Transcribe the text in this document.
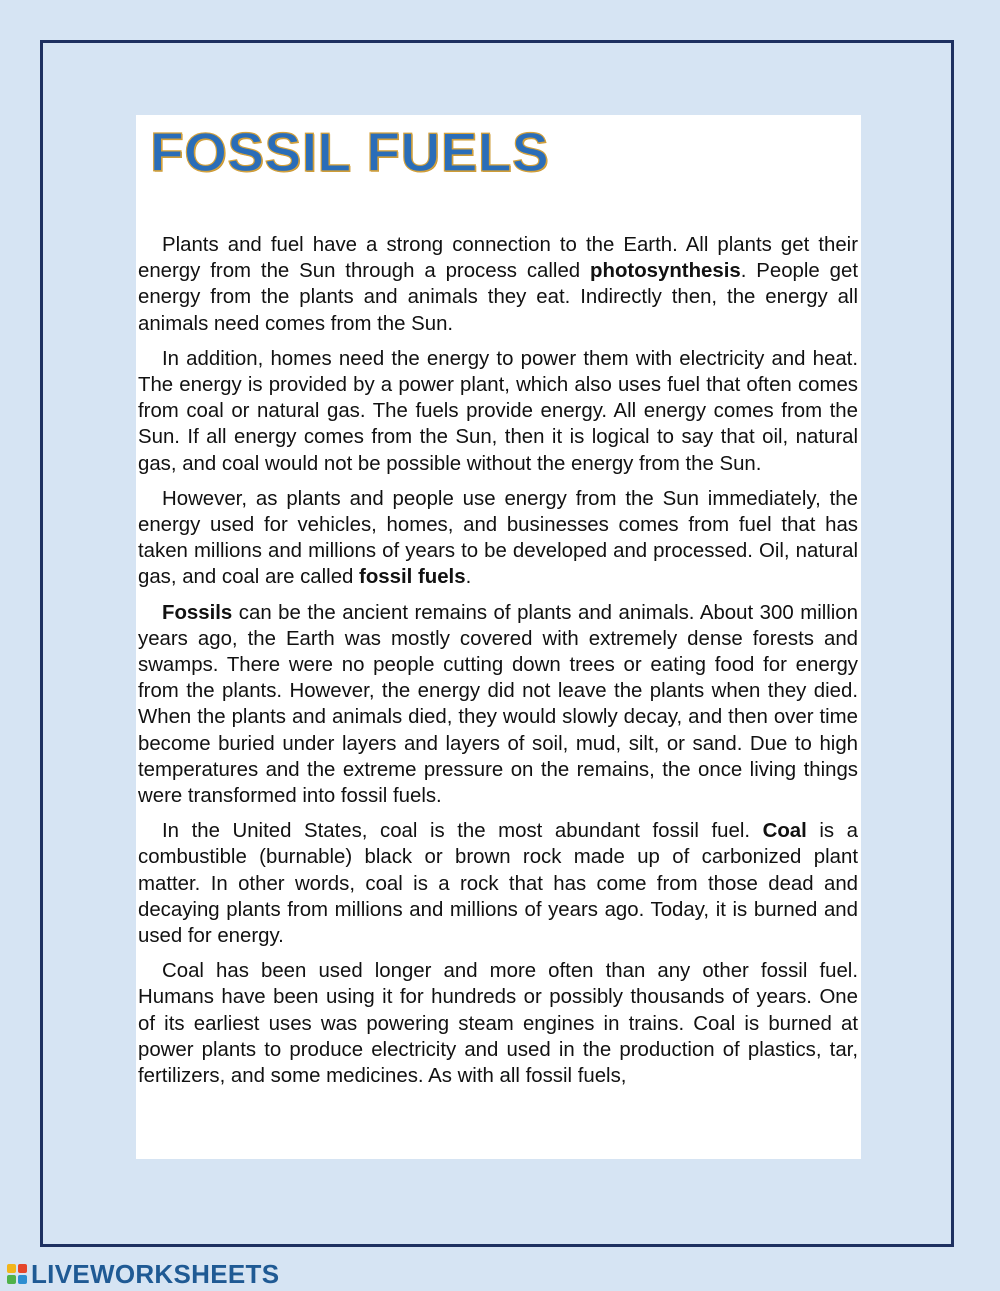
FOSSIL FUELS

Plants and fuel have a strong connection to the Earth. All plants get their energy from the Sun through a process called photosynthesis. People get energy from the plants and animals they eat. Indirectly then, the energy all animals need comes from the Sun.

In addition, homes need the energy to power them with electricity and heat. The energy is provided by a power plant, which also uses fuel that often comes from coal or natural gas. The fuels provide energy. All energy comes from the Sun. If all energy comes from the Sun, then it is logical to say that oil, natural gas, and coal would not be possible without the energy from the Sun.

However, as plants and people use energy from the Sun immediately, the energy used for vehicles, homes, and businesses comes from fuel that has taken millions and millions of years to be developed and processed. Oil, natural gas, and coal are called fossil fuels.

Fossils can be the ancient remains of plants and animals. About 300 million years ago, the Earth was mostly covered with extremely dense forests and swamps. There were no people cutting down trees or eating food for energy from the plants. However, the energy did not leave the plants when they died. When the plants and animals died, they would slowly decay, and then over time become buried under layers and layers of soil, mud, silt, or sand. Due to high temperatures and the extreme pressure on the remains, the once living things were transformed into fossil fuels.

In the United States, coal is the most abundant fossil fuel. Coal is a combustible (burnable) black or brown rock made up of carbonized plant matter. In other words, coal is a rock that has come from those dead and decaying plants from millions and millions of years ago. Today, it is burned and used for energy.

Coal has been used longer and more often than any other fossil fuel. Humans have been using it for hundreds or possibly thousands of years. One of its earliest uses was powering steam engines in trains. Coal is burned at power plants to produce electricity and used in the production of plastics, tar, fertilizers, and some medicines. As with all fossil fuels,

LIVEWORKSHEETS
